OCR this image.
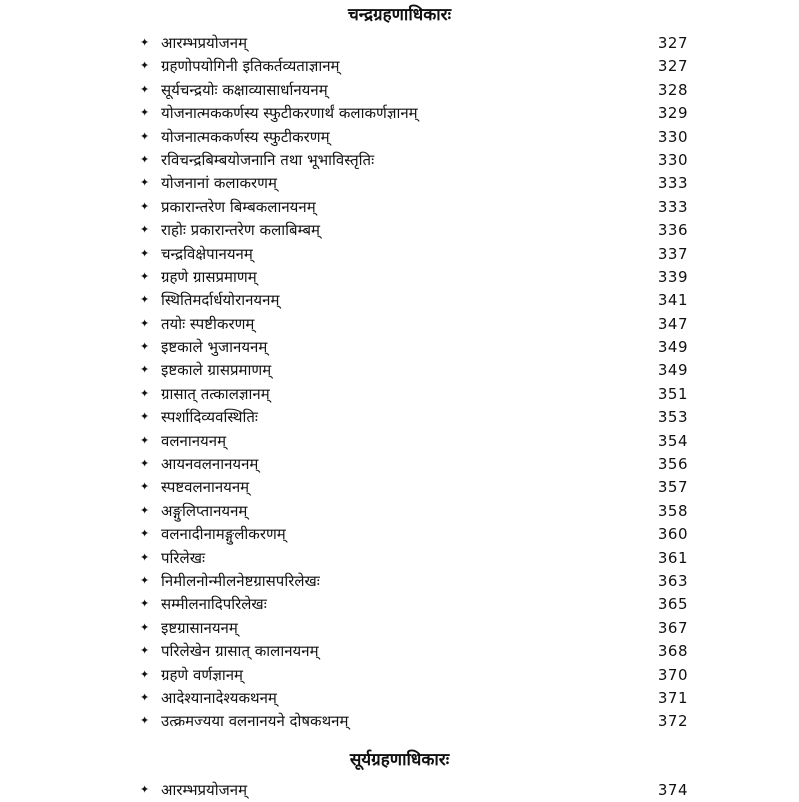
चन्द्रग्रहणाधिकारः
✦ आरम्भप्रयोजनम्	327
✦ ग्रहणोपयोगिनी इतिकर्तव्यताज्ञानम्	327
✦ सूर्यचन्द्रयोः कक्षाव्यासार्धानयनम्	328
✦ योजनात्मककर्णस्य स्फुटीकरणार्थं कलाकर्णज्ञानम्	329
✦ योजनात्मककर्णस्य स्फुटीकरणम्	330
✦ रविचन्द्रबिम्बयोजनानि तथा भूभाविस्तृतिः	330
✦ योजनानां कलाकरणम्	333
✦ प्रकारान्तरेण बिम्बकलानयनम्	333
✦ राहोः प्रकारान्तरेण कलाबिम्बम्	336
✦ चन्द्रविक्षेपानयनम्	337
✦ ग्रहणे ग्रासप्रमाणम्	339
✦ स्थितिमर्दार्धयोरानयनम्	341
✦ तयोः स्पष्टीकरणम्	347
✦ इष्टकाले भुजानयनम्	349
✦ इष्टकाले ग्रासप्रमाणम्	349
✦ ग्रासात् तत्कालज्ञानम्	351
✦ स्पर्शादिव्यवस्थितिः	353
✦ वलनानयनम्	354
✦ आयनवलनानयनम्	356
✦ स्पष्टवलनानयनम्	357
✦ अङ्गुलिप्तानयनम्	358
✦ वलनादीनामङ्गुलीकरणम्	360
✦ परिलेखः	361
✦ निमीलनोन्मीलनेष्टग्रासपरिलेखः	363
✦ सम्मीलनादिपरिलेखः	365
✦ इष्टग्रासानयनम्	367
✦ परिलेखेन ग्रासात् कालानयनम्	368
✦ ग्रहणे वर्णज्ञानम्	370
✦ आदेश्यानादेश्यकथनम्	371
✦ उत्क्रमज्यया वलनानयने दोषकथनम्	372
सूर्यग्रहणाधिकारः
✦ आरम्भप्रयोजनम्	374
